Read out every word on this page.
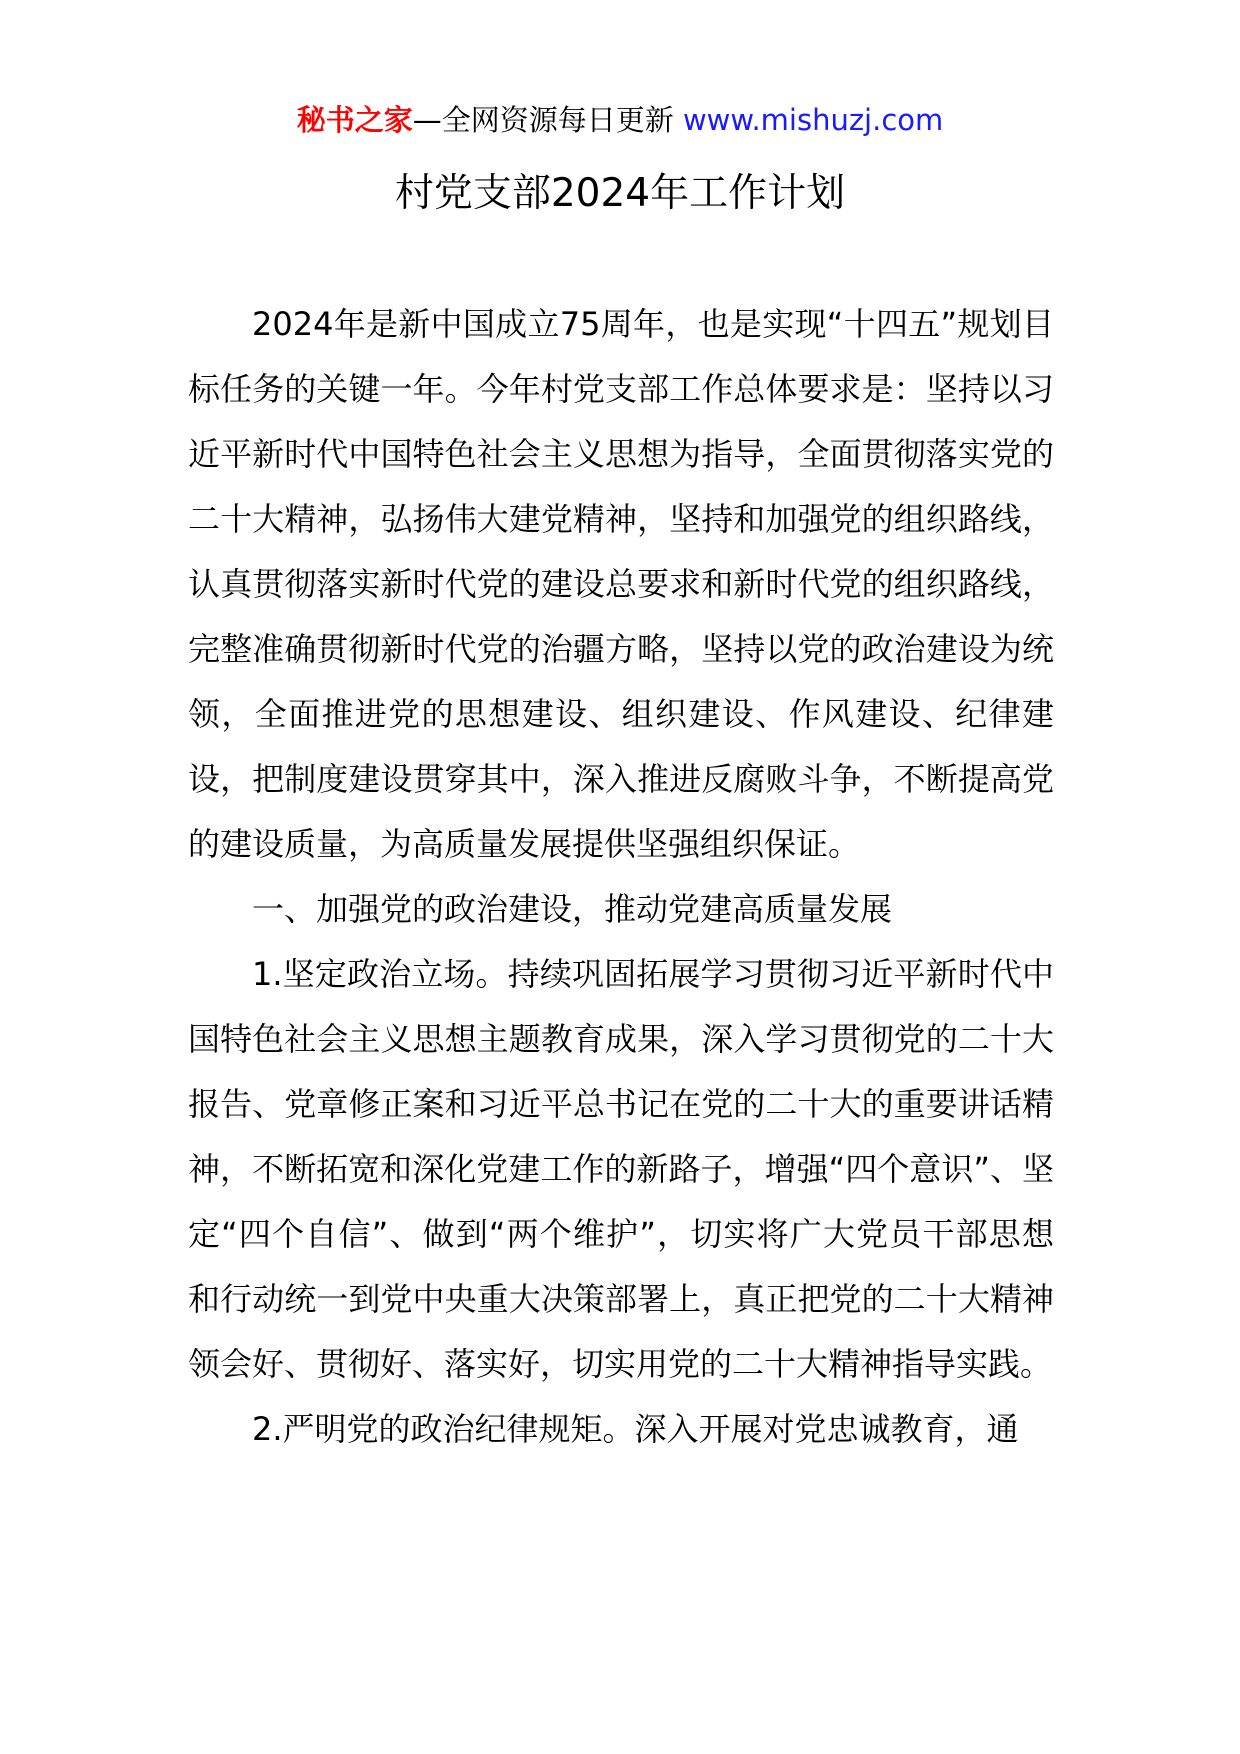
秘书之家—全网资源每日更新 www.mishuzj.com
村党支部2024年工作计划

2024年是新中国成立75周年，也是实现“十四五”规划目标任务的关键一年。今年村党支部工作总体要求是：坚持以习近平新时代中国特色社会主义思想为指导，全面贯彻落实党的二十大精神，弘扬伟大建党精神，坚持和加强党的组织路线，认真贯彻落实新时代党的建设总要求和新时代党的组织路线，完整准确贯彻新时代党的治疆方略，坚持以党的政治建设为统领，全面推进党的思想建设、组织建设、作风建设、纪律建设，把制度建设贯穿其中，深入推进反腐败斗争，不断提高党的建设质量，为高质量发展提供坚强组织保证。

一、加强党的政治建设，推动党建高质量发展

1.坚定政治立场。持续巩固拓展学习贯彻习近平新时代中国特色社会主义思想主题教育成果，深入学习贯彻党的二十大报告、党章修正案和习近平总书记在党的二十大的重要讲话精神，不断拓宽和深化党建工作的新路子，增强“四个意识”、坚定“四个自信”、做到“两个维护”，切实将广大党员干部思想和行动统一到党中央重大决策部署上，真正把党的二十大精神领会好、贯彻好、落实好，切实用党的二十大精神指导实践。

2.严明党的政治纪律规矩。深入开展对党忠诚教育，通
